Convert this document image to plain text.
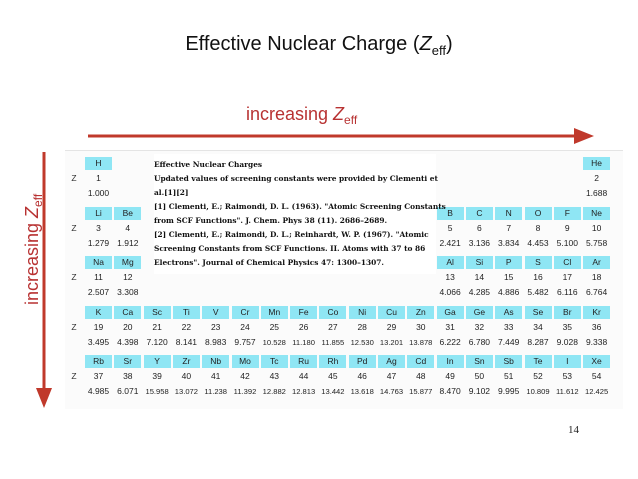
Effective Nuclear Charge $(Z_{eff})$
increasing $Z_{eff}$
increasing $Z_{eff}$
Z
H
1
1.000
He
2
1.688
Z
Li
3
1.279
Be
4
1.912
B
5
2.421
C
6
3.136
N
7
3.834
O
8
4.453
F
9
5.100
Ne
10
5.758
Z
Na
11
2.507
Mg
12
3.308
Al
13
4.066
Si
14
4.285
P
15
4.886
S
16
5.482
Cl
17
6.116
Ar
18
6.764
Z
K
19
3.495
Ca
20
4.398
Sc
21
7.120
Ti
22
8.141
V
23
8.983
Cr
24
9.757
Mn
25
10.528
Fe
26
11.180
Co
27
11.855
Ni
28
12.530
Cu
29
13.201
Zn
30
13.878
Ga
31
6.222
Ge
32
6.780
As
33
7.449
Se
34
8.287
Br
35
9.028
Kr
36
9.338
Z
Rb
37
4.985
Sr
38
6.071
Y
39
15.958
Zr
40
13.072
Nb
41
11.238
Mo
42
11.392
Tc
43
12.882
Ru
44
12.813
Rh
45
13.442
Pd
46
13.618
Ag
47
14.763
Cd
48
15.877
In
49
8.470
Sn
50
9.102
Sb
51
9.995
Te
52
10.809
I
53
11.612
Xe
54
12.425
Effective Nuclear Charges
Updated values of screening constants were provided by Clementi et
al.[1][2]
[1] Clementi, E.; Raimondi, D. L. (1963). "Atomic Screening Constants
from SCF Functions". J. Chem. Phys 38 (11). 2686–2689.
[2] Clementi, E.; Raimondi, D. L.; Reinhardt, W. P. (1967). "Atomic
Screening Constants from SCF Functions. II. Atoms with 37 to 86
Electrons". Journal of Chemical Physics 47: 1300–1307.
14
